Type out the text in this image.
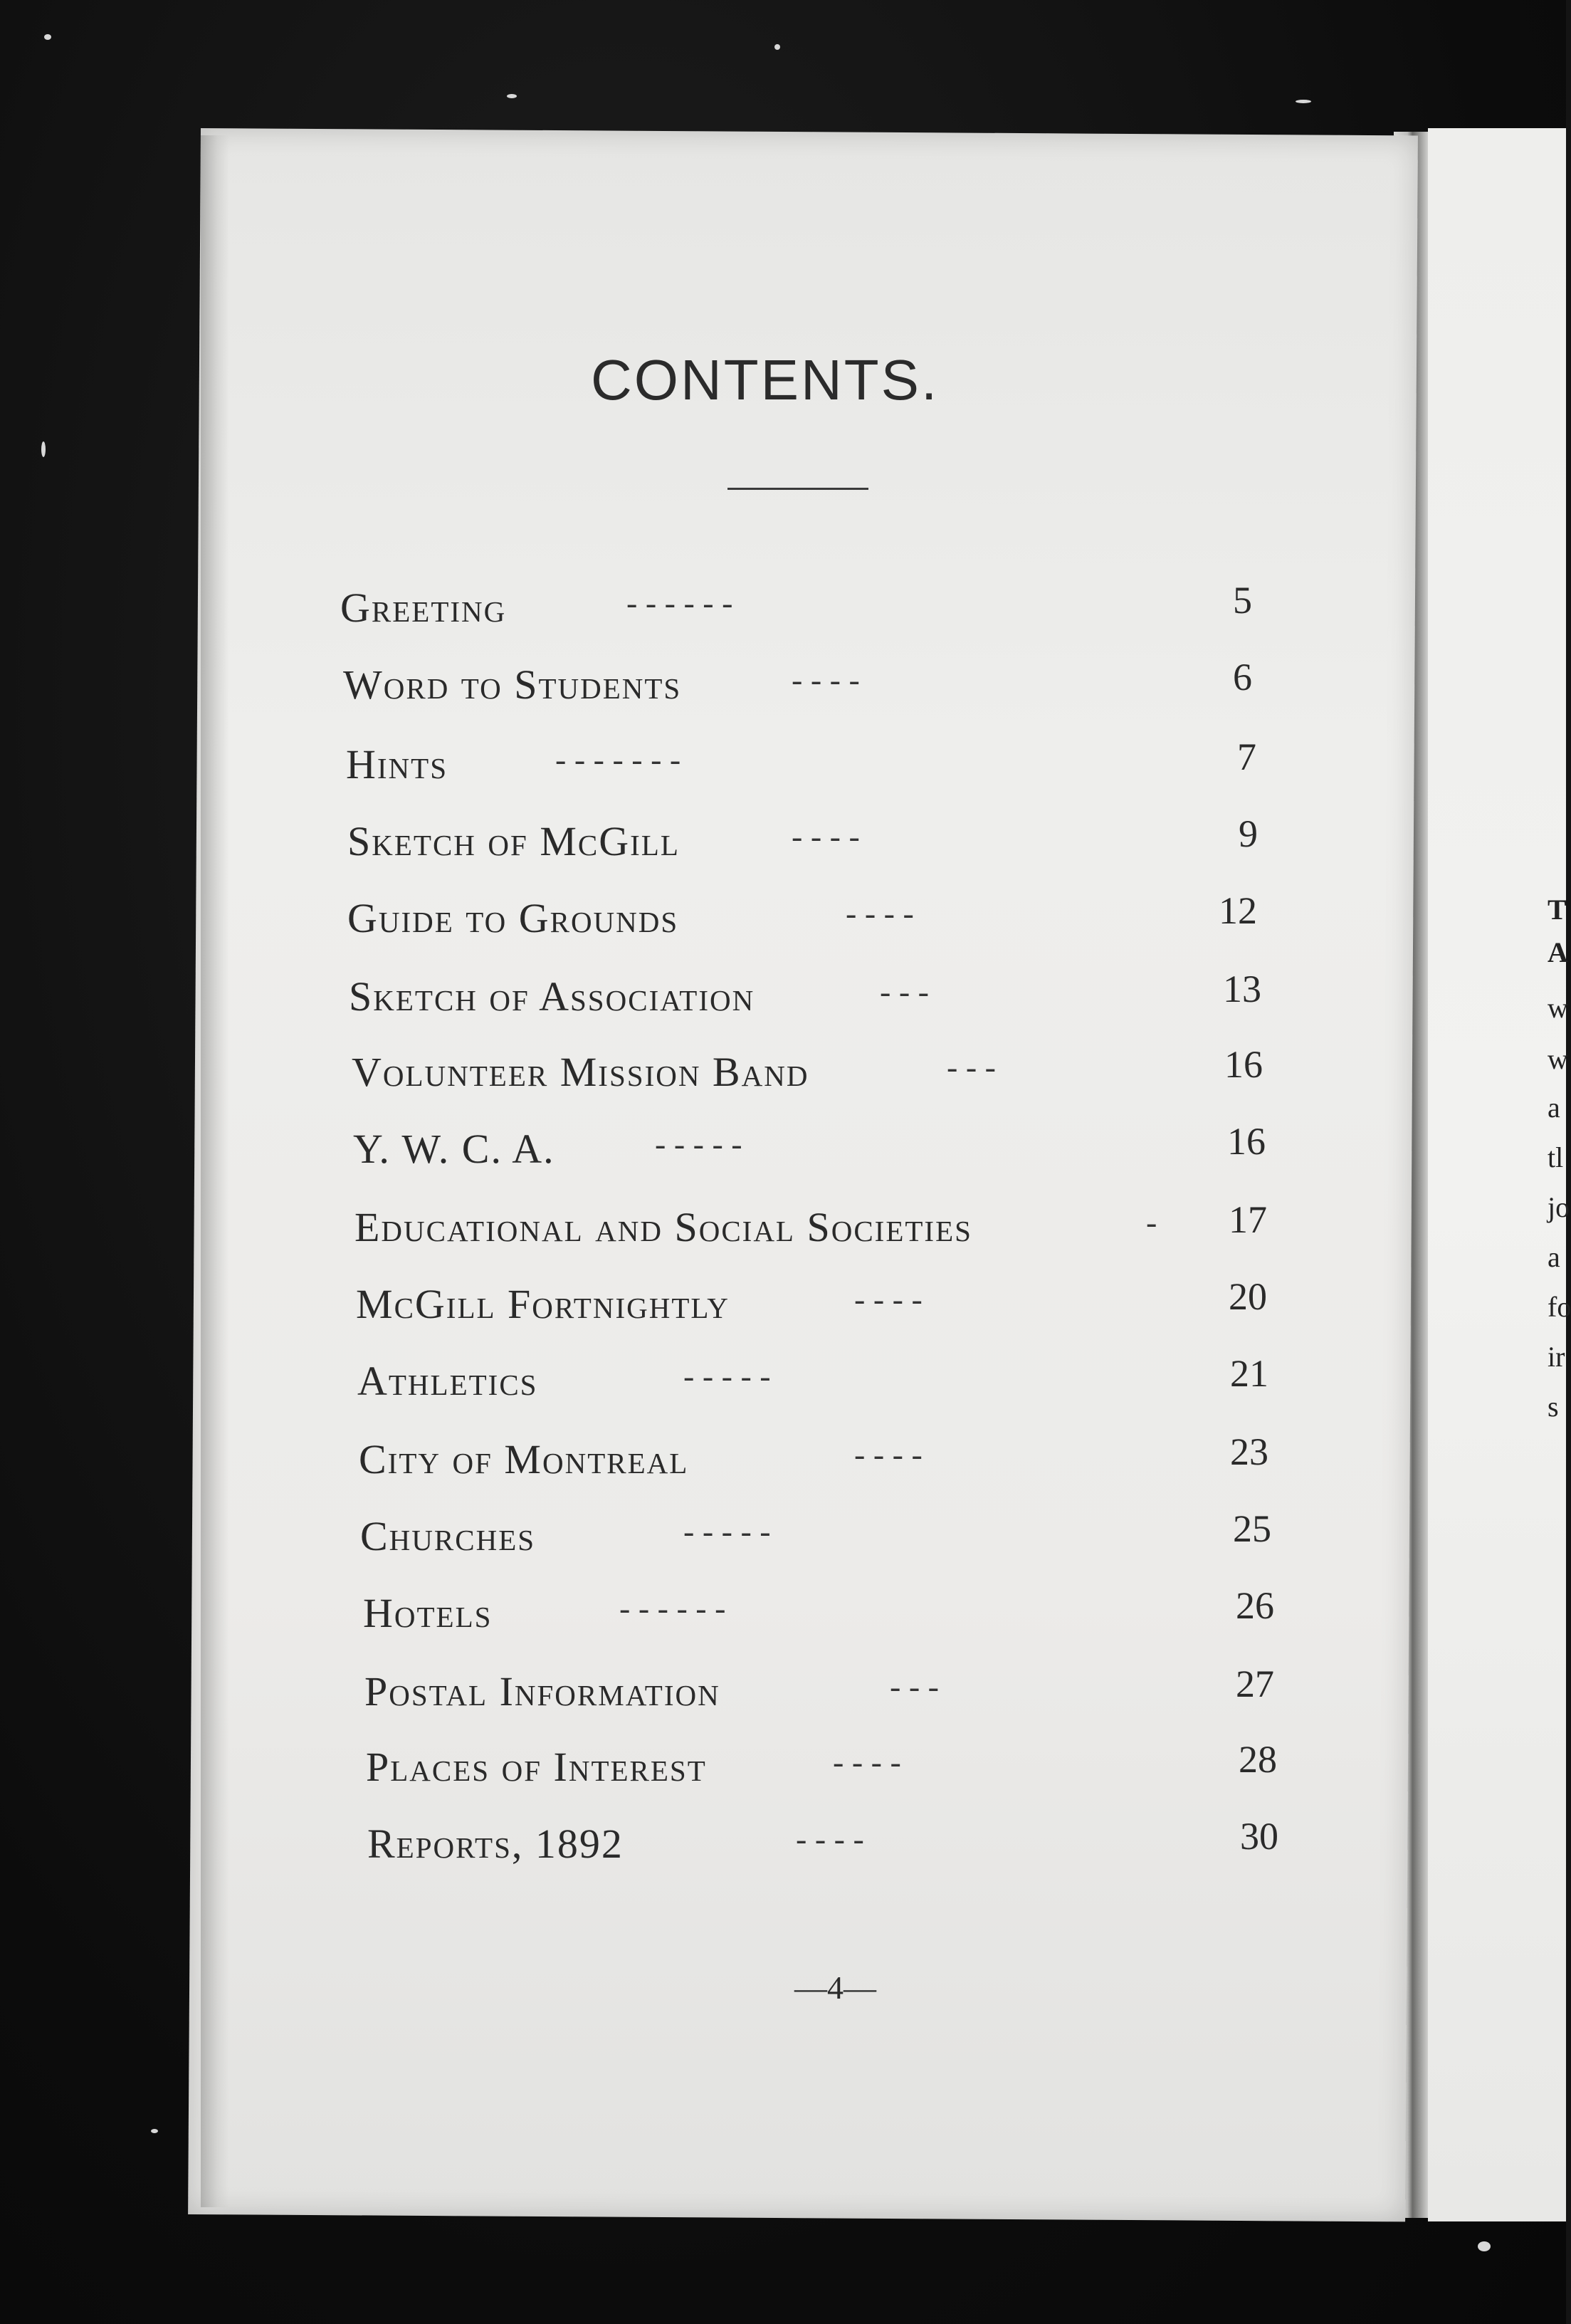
T
A
w
w
a
tl
jo
a
fo
ir
s
CONTENTS.
Greeting	- - - - - -	5
Word to Students	- - - -	6
Hints	- - - - - - -	7
Sketch of McGill	- - - -	9
Guide to Grounds	- - - -	12
Sketch of Association	- - -	13
Volunteer Mission Band	- - -	16
Y. W. C. A.	- - - - -	16
Educational and Social Societies	- 17
McGill Fortnightly	- - - -	20
Athletics	- - - - -	21
City of Montreal	- - - -	23
Churches	- - - - -	25
Hotels	- - - - - -	26
Postal Information	- - -	27
Places of Interest	- - - -	28
Reports, 1892	- - - -	30
—4—
